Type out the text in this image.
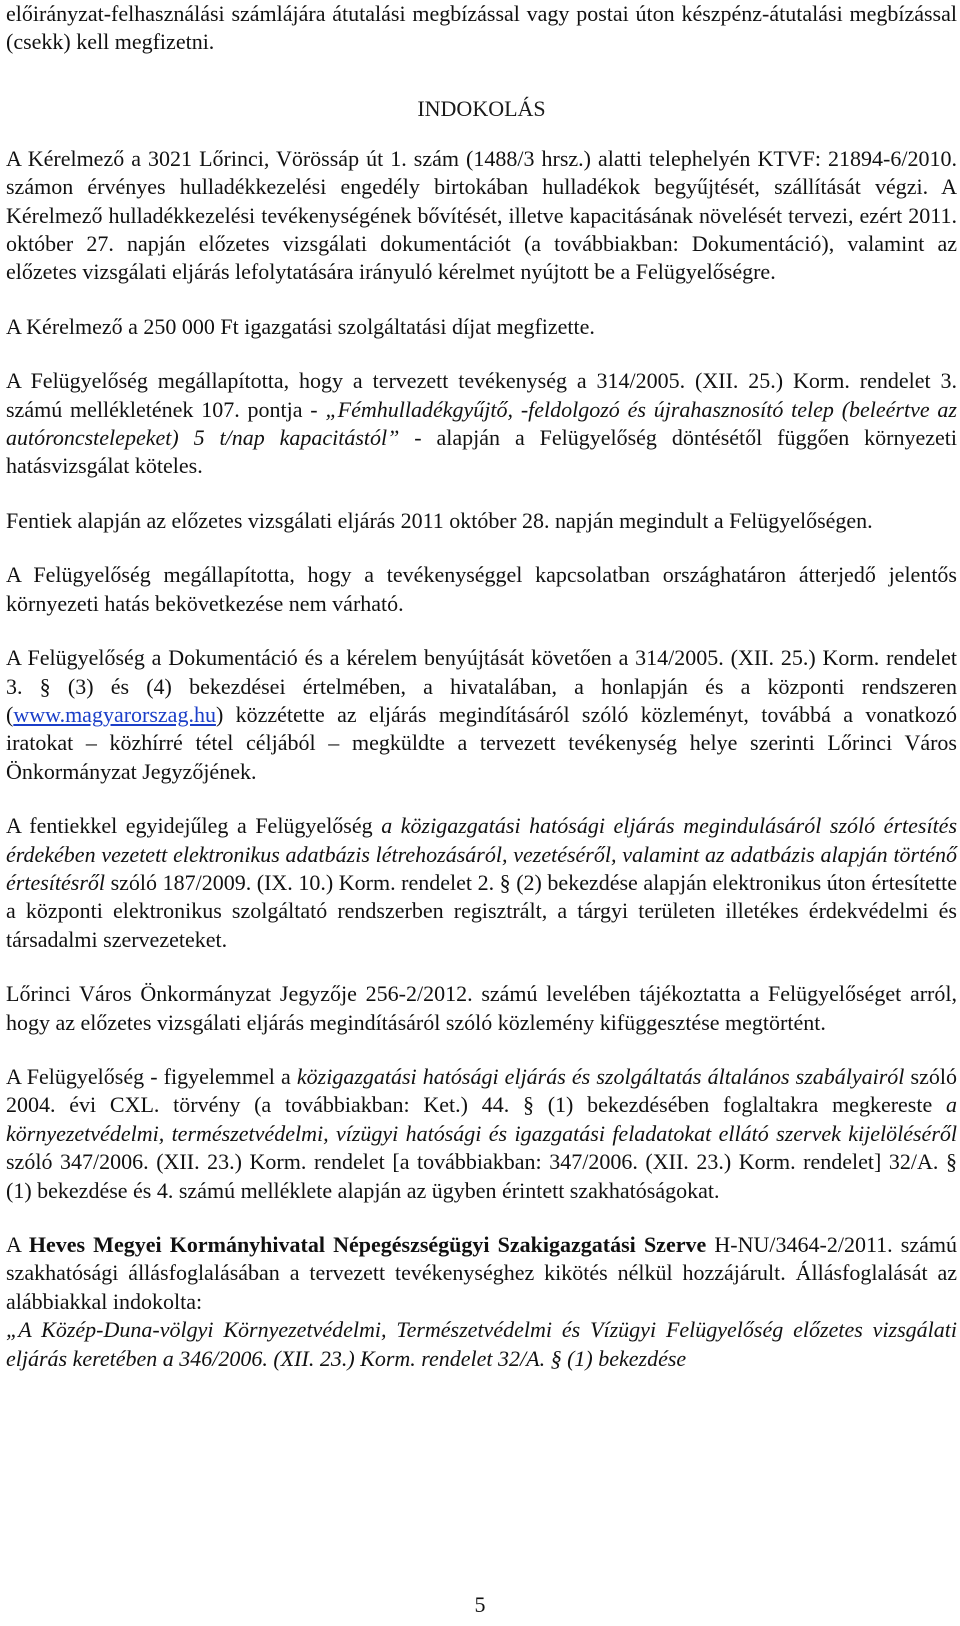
előirányzat-felhasználási számlájára átutalási megbízással vagy postai úton készpénz-átutalási megbízással (csekk) kell megfizetni.

INDOKOLÁS

A Kérelmező a 3021 Lőrinci, Vörössáp út 1. szám (1488/3 hrsz.) alatti telephelyén KTVF: 21894-6/2010. számon érvényes hulladékkezelési engedély birtokában hulladékok begyűjtését, szállítását végzi. A Kérelmező hulladékkezelési tevékenységének bővítését, illetve kapacitásának növelését tervezi, ezért 2011. október 27. napján előzetes vizsgálati dokumentációt (a továbbiakban: Dokumentáció), valamint az előzetes vizsgálati eljárás lefolytatására irányuló kérelmet nyújtott be a Felügyelőségre.

A Kérelmező a 250 000 Ft igazgatási szolgáltatási díjat megfizette.

A Felügyelőség megállapította, hogy a tervezett tevékenység a 314/2005. (XII. 25.) Korm. rendelet 3. számú mellékletének 107. pontja - „Fémhulladékgyűjtő, -feldolgozó és újrahasznosító telep (beleértve az autóroncstelepeket) 5 t/nap kapacitástól” - alapján a Felügyelőség döntésétől függően környezeti hatásvizsgálat köteles.

Fentiek alapján az előzetes vizsgálati eljárás 2011 október 28. napján megindult a Felügyelőségen.

A Felügyelőség megállapította, hogy a tevékenységgel kapcsolatban országhatáron átterjedő jelentős környezeti hatás bekövetkezése nem várható.

A Felügyelőség a Dokumentáció és a kérelem benyújtását követően a 314/2005. (XII. 25.) Korm. rendelet 3. § (3) és (4) bekezdései értelmében, a hivatalában, a honlapján és a központi rendszeren (www.magyarorszag.hu) közzétette az eljárás megindításáról szóló közleményt, továbbá a vonatkozó iratokat – közhírré tétel céljából – megküldte a tervezett tevékenység helye szerinti Lőrinci Város Önkormányzat Jegyzőjének.

A fentiekkel egyidejűleg a Felügyelőség a közigazgatási hatósági eljárás megindulásáról szóló értesítés érdekében vezetett elektronikus adatbázis létrehozásáról, vezetéséről, valamint az adatbázis alapján történő értesítésről szóló 187/2009. (IX. 10.) Korm. rendelet 2. § (2) bekezdése alapján elektronikus úton értesítette a központi elektronikus szolgáltató rendszerben regisztrált, a tárgyi területen illetékes érdekvédelmi és társadalmi szervezeteket.

Lőrinci Város Önkormányzat Jegyzője 256-2/2012. számú levelében tájékoztatta a Felügyelőséget arról, hogy az előzetes vizsgálati eljárás megindításáról szóló közlemény kifüggesztése megtörtént.

A Felügyelőség - figyelemmel a közigazgatási hatósági eljárás és szolgáltatás általános szabályairól szóló 2004. évi CXL. törvény (a továbbiakban: Ket.) 44. § (1) bekezdésében foglaltakra megkereste a környezetvédelmi, természetvédelmi, vízügyi hatósági és igazgatási feladatokat ellátó szervek kijelöléséről szóló 347/2006. (XII. 23.) Korm. rendelet [a továbbiakban: 347/2006. (XII. 23.) Korm. rendelet] 32/A. § (1) bekezdése és 4. számú melléklete alapján az ügyben érintett szakhatóságokat.

A Heves Megyei Kormányhivatal Népegészségügyi Szakigazgatási Szerve H-NU/3464-2/2011. számú szakhatósági állásfoglalásában a tervezett tevékenységhez kikötés nélkül hozzájárult. Állásfoglalását az alábbiakkal indokolta:

„A Közép-Duna-völgyi Környezetvédelmi, Természetvédelmi és Vízügyi Felügyelőség előzetes vizsgálati eljárás keretében a 346/2006. (XII. 23.) Korm. rendelet 32/A. § (1) bekezdése

5
